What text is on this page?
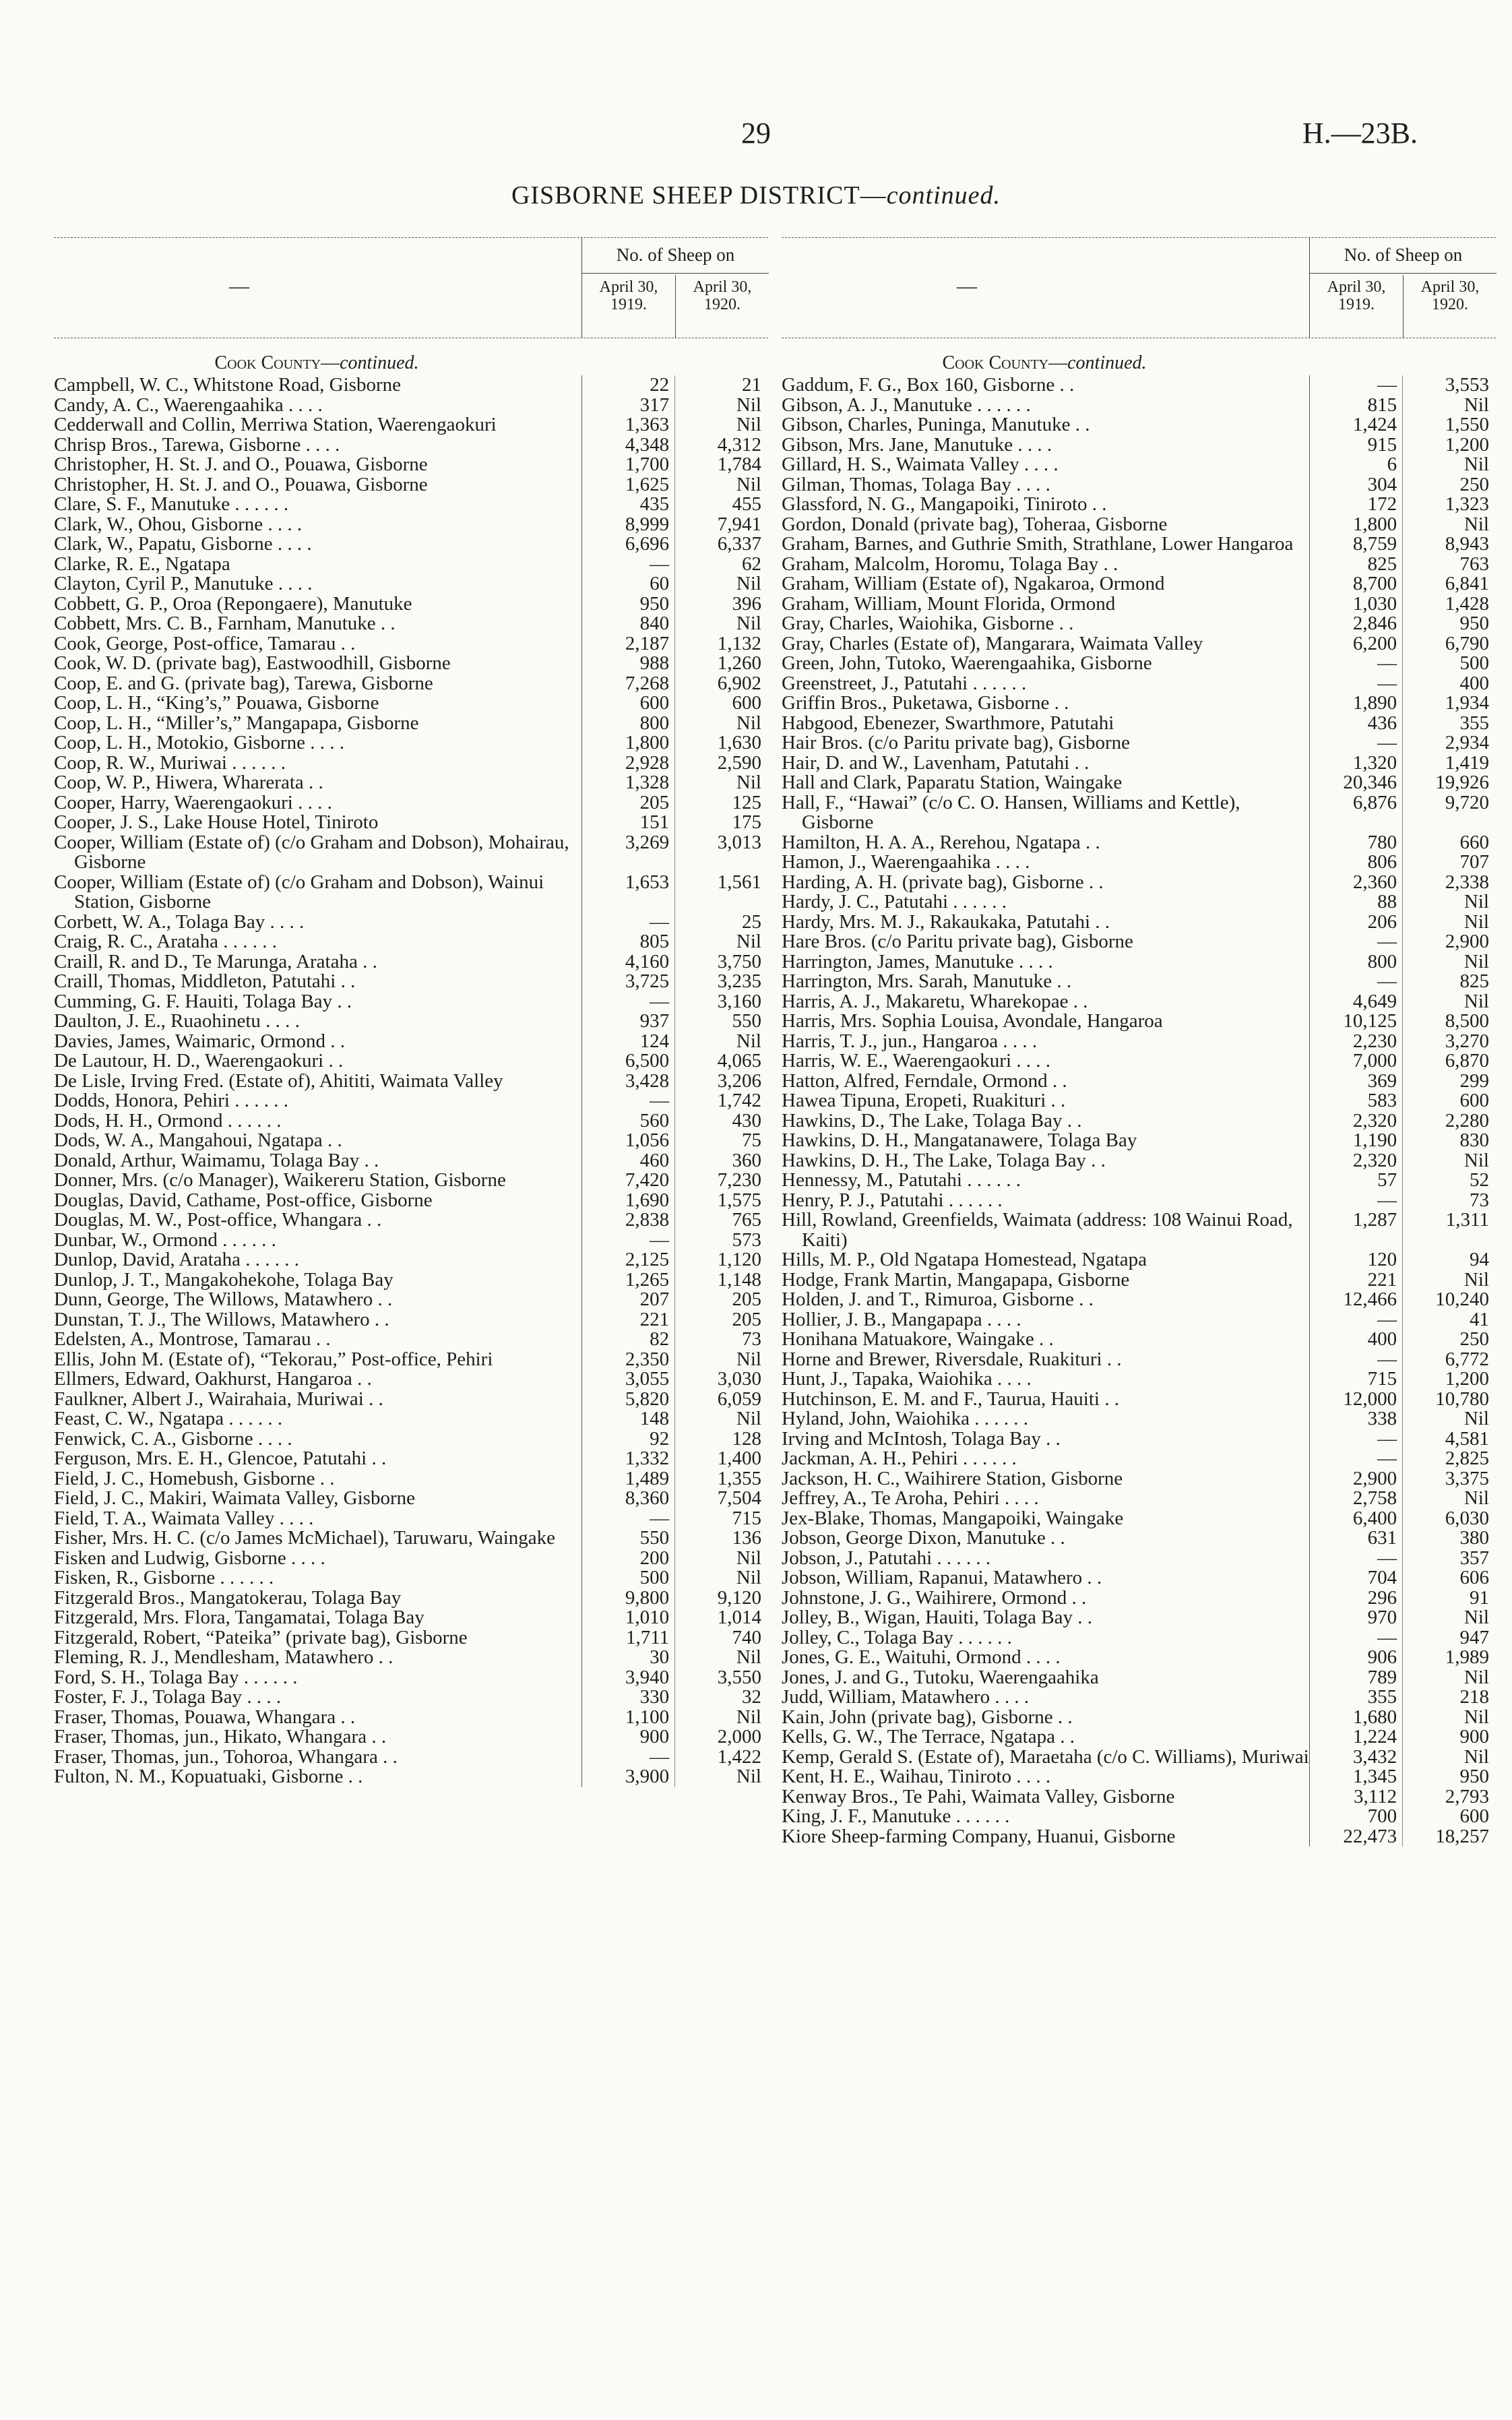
29	H.—23B.
GISBORNE SHEEP DISTRICT—continued.
—
No. of Sheep on
April 30, 1919.
April 30, 1920.
Cook County—continued.
Campbell, W. C., Whitstone Road, Gisborne	22	21
Candy, A. C., Waerengaahika . . . .	317	Nil
Cedderwall and Collin, Merriwa Station, Waerengaokuri	1,363	Nil
Chrisp Bros., Tarewa, Gisborne . . . .	4,348	4,312
Christopher, H. St. J. and O., Pouawa, Gisborne	1,700	1,784
Christopher, H. St. J. and O., Pouawa, Gisborne	1,625	Nil
Clare, S. F., Manutuke . . . . . .	435	455
Clark, W., Ohou, Gisborne . . . .	8,999	7,941
Clark, W., Papatu, Gisborne . . . .	6,696	6,337
Clarke, R. E., Ngatapa	—	62
Clayton, Cyril P., Manutuke . . . .	60	Nil
Cobbett, G. P., Oroa (Repongaere), Manutuke	950	396
Cobbett, Mrs. C. B., Farnham, Manutuke . .	840	Nil
Cook, George, Post-office, Tamarau . .	2,187	1,132
Cook, W. D. (private bag), Eastwoodhill, Gisborne	988	1,260
Coop, E. and G. (private bag), Tarewa, Gisborne	7,268	6,902
Coop, L. H., “King’s,” Pouawa, Gisborne	600	600
Coop, L. H., “Miller’s,” Mangapapa, Gisborne	800	Nil
Coop, L. H., Motokio, Gisborne . . . .	1,800	1,630
Coop, R. W., Muriwai . . . . . .	2,928	2,590
Coop, W. P., Hiwera, Wharerata . .	1,328	Nil
Cooper, Harry, Waerengaokuri . . . .	205	125
Cooper, J. S., Lake House Hotel, Tiniroto	151	175
Cooper, William (Estate of) (c/o Graham and Dobson), Mohairau, Gisborne
3,269	3,013
Cooper, William (Estate of) (c/o Graham and Dobson), Wainui Station, Gisborne
1,653	1,561
Corbett, W. A., Tolaga Bay . . . .	—	25
Craig, R. C., Arataha . . . . . .	805	Nil
Craill, R. and D., Te Marunga, Arataha . .	4,160	3,750
Craill, Thomas, Middleton, Patutahi . .	3,725	3,235
Cumming, G. F. Hauiti, Tolaga Bay . .	—	3,160
Daulton, J. E., Ruaohinetu . . . .	937	550
Davies, James, Waimaric, Ormond . .	124	Nil
De Lautour, H. D., Waerengaokuri . .	6,500	4,065
De Lisle, Irving Fred. (Estate of), Ahititi, Waimata Valley	3,428	3,206
Dodds, Honora, Pehiri . . . . . .	—	1,742
Dods, H. H., Ormond . . . . . .	560	430
Dods, W. A., Mangahoui, Ngatapa . .	1,056	75
Donald, Arthur, Waimamu, Tolaga Bay . .	460	360
Donner, Mrs. (c/o Manager), Waikereru Station, Gisborne	7,420	7,230
Douglas, David, Cathame, Post-office, Gisborne	1,690	1,575
Douglas, M. W., Post-office, Whangara . .	2,838	765
Dunbar, W., Ormond . . . . . .	—	573
Dunlop, David, Arataha . . . . . .	2,125	1,120
Dunlop, J. T., Mangakohekohe, Tolaga Bay	1,265	1,148
Dunn, George, The Willows, Matawhero . .	207	205
Dunstan, T. J., The Willows, Matawhero . .	221	205
Edelsten, A., Montrose, Tamarau . .	82	73
Ellis, John M. (Estate of), “Tekorau,” Post-office, Pehiri	2,350	Nil
Ellmers, Edward, Oakhurst, Hangaroa . .	3,055	3,030
Faulkner, Albert J., Wairahaia, Muriwai . .	5,820	6,059
Feast, C. W., Ngatapa . . . . . .	148	Nil
Fenwick, C. A., Gisborne . . . .	92	128
Ferguson, Mrs. E. H., Glencoe, Patutahi . .	1,332	1,400
Field, J. C., Homebush, Gisborne . .	1,489	1,355
Field, J. C., Makiri, Waimata Valley, Gisborne	8,360	7,504
Field, T. A., Waimata Valley . . . .	—	715
Fisher, Mrs. H. C. (c/o James McMichael), Taruwaru, Waingake	550	136
Fisken and Ludwig, Gisborne . . . .	200	Nil
Fisken, R., Gisborne . . . . . .	500	Nil
Fitzgerald Bros., Mangatokerau, Tolaga Bay	9,800	9,120
Fitzgerald, Mrs. Flora, Tangamatai, Tolaga Bay	1,010	1,014
Fitzgerald, Robert, “Pateika” (private bag), Gisborne	1,711	740
Fleming, R. J., Mendlesham, Matawhero . .	30	Nil
Ford, S. H., Tolaga Bay . . . . . .	3,940	3,550
Foster, F. J., Tolaga Bay . . . .	330	32
Fraser, Thomas, Pouawa, Whangara . .	1,100	Nil
Fraser, Thomas, jun., Hikato, Whangara . .	900	2,000
Fraser, Thomas, jun., Tohoroa, Whangara . .	—	1,422
Fulton, N. M., Kopuatuaki, Gisborne . .	3,900	Nil
—
No. of Sheep on
April 30, 1919.
April 30, 1920.
Cook County—continued.
Gaddum, F. G., Box 160, Gisborne . .	—	3,553
Gibson, A. J., Manutuke . . . . . .	815	Nil
Gibson, Charles, Puninga, Manutuke . .	1,424	1,550
Gibson, Mrs. Jane, Manutuke . . . .	915	1,200
Gillard, H. S., Waimata Valley . . . .	6	Nil
Gilman, Thomas, Tolaga Bay . . . .	304	250
Glassford, N. G., Mangapoiki, Tiniroto . .	172	1,323
Gordon, Donald (private bag), Toheraa, Gisborne	1,800	Nil
Graham, Barnes, and Guthrie Smith, Strathlane, Lower Hangaroa	8,759	8,943
Graham, Malcolm, Horomu, Tolaga Bay . .	825	763
Graham, William (Estate of), Ngakaroa, Ormond	8,700	6,841
Graham, William, Mount Florida, Ormond	1,030	1,428
Gray, Charles, Waiohika, Gisborne . .	2,846	950
Gray, Charles (Estate of), Mangarara, Waimata Valley	6,200	6,790
Green, John, Tutoko, Waerengaahika, Gisborne	—	500
Greenstreet, J., Patutahi . . . . . .	—	400
Griffin Bros., Puketawa, Gisborne . .	1,890	1,934
Habgood, Ebenezer, Swarthmore, Patutahi	436	355
Hair Bros. (c/o Paritu private bag), Gisborne	—	2,934
Hair, D. and W., Lavenham, Patutahi . .	1,320	1,419
Hall and Clark, Paparatu Station, Waingake	20,346	19,926
Hall, F., “Hawai” (c/o C. O. Hansen, Williams and Kettle), Gisborne
6,876	9,720
Hamilton, H. A. A., Rerehou, Ngatapa . .	780	660
Hamon, J., Waerengaahika . . . .	806	707
Harding, A. H. (private bag), Gisborne . .	2,360	2,338
Hardy, J. C., Patutahi . . . . . .	88	Nil
Hardy, Mrs. M. J., Rakaukaka, Patutahi . .	206	Nil
Hare Bros. (c/o Paritu private bag), Gisborne	—	2,900
Harrington, James, Manutuke . . . .	800	Nil
Harrington, Mrs. Sarah, Manutuke . .	—	825
Harris, A. J., Makaretu, Wharekopae . .	4,649	Nil
Harris, Mrs. Sophia Louisa, Avondale, Hangaroa	10,125	8,500
Harris, T. J., jun., Hangaroa . . . .	2,230	3,270
Harris, W. E., Waerengaokuri . . . .	7,000	6,870
Hatton, Alfred, Ferndale, Ormond . .	369	299
Hawea Tipuna, Eropeti, Ruakituri . .	583	600
Hawkins, D., The Lake, Tolaga Bay . .	2,320	2,280
Hawkins, D. H., Mangatanawere, Tolaga Bay	1,190	830
Hawkins, D. H., The Lake, Tolaga Bay . .	2,320	Nil
Hennessy, M., Patutahi . . . . . .	57	52
Henry, P. J., Patutahi . . . . . .	—	73
Hill, Rowland, Greenfields, Waimata (address: 108 Wainui Road, Kaiti)
1,287	1,311
Hills, M. P., Old Ngatapa Homestead, Ngatapa	120	94
Hodge, Frank Martin, Mangapapa, Gisborne	221	Nil
Holden, J. and T., Rimuroa, Gisborne . .	12,466	10,240
Hollier, J. B., Mangapapa . . . .	—	41
Honihana Matuakore, Waingake . .	400	250
Horne and Brewer, Riversdale, Ruakituri . .	—	6,772
Hunt, J., Tapaka, Waiohika . . . .	715	1,200
Hutchinson, E. M. and F., Taurua, Hauiti . .	12,000	10,780
Hyland, John, Waiohika . . . . . .	338	Nil
Irving and McIntosh, Tolaga Bay . .	—	4,581
Jackman, A. H., Pehiri . . . . . .	—	2,825
Jackson, H. C., Waihirere Station, Gisborne	2,900	3,375
Jeffrey, A., Te Aroha, Pehiri . . . .	2,758	Nil
Jex-Blake, Thomas, Mangapoiki, Waingake	6,400	6,030
Jobson, George Dixon, Manutuke . .	631	380
Jobson, J., Patutahi . . . . . .	—	357
Jobson, William, Rapanui, Matawhero . .	704	606
Johnstone, J. G., Waihirere, Ormond . .	296	91
Jolley, B., Wigan, Hauiti, Tolaga Bay . .	970	Nil
Jolley, C., Tolaga Bay . . . . . .	—	947
Jones, G. E., Waituhi, Ormond . . . .	906	1,989
Jones, J. and G., Tutoku, Waerengaahika	789	Nil
Judd, William, Matawhero . . . .	355	218
Kain, John (private bag), Gisborne . .	1,680	Nil
Kells, G. W., The Terrace, Ngatapa . .	1,224	900
Kemp, Gerald S. (Estate of), Maraetaha (c/o C. Williams), Muriwai	3,432	Nil
Kent, H. E., Waihau, Tiniroto . . . .	1,345	950
Kenway Bros., Te Pahi, Waimata Valley, Gisborne	3,112	2,793
King, J. F., Manutuke . . . . . .	700	600
Kiore Sheep-farming Company, Huanui, Gisborne	22,473	18,257
